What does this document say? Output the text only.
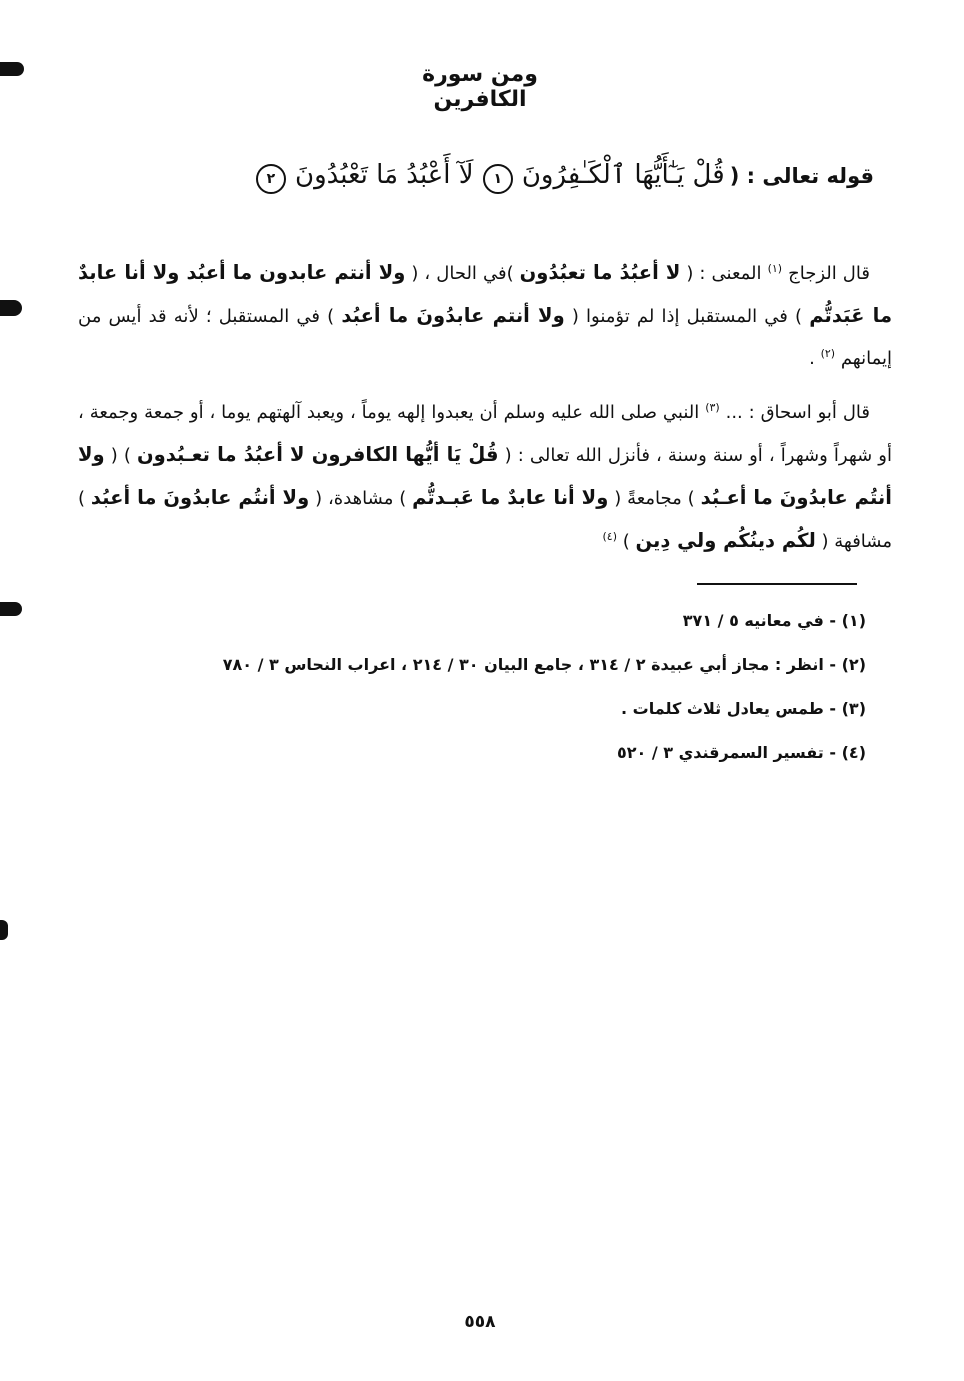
ومن سورة الكافرين
قوله تعالى : ( قُلْ يَـٰٓأَيُّهَا ٱلْكَـٰفِرُونَ ١ لَآ أَعْبُدُ مَا تَعْبُدُونَ ٢

قال الزجاج $^{(١)}$ المعنى : ( لا أعبُدُ ما تعبُدُون )في الحال ، ( ولا أنتم عابدون ما أعبُد ولا أنا عابدٌ ما عَبَدتُّم ) في المستقبل إذا لم تؤمنوا ( ولا أنتم عابدُونَ ما أعبُد ) في المستقبل ؛ لأنه قد أيس من إيمانهم $^{(٢)}$ .

قال أبو اسحاق : ... $^{(٣)}$ النبي صلى الله عليه وسلم أن يعبدوا إلهه يوماً ، ويعبد آلهتهم يوما ، أو جمعة وجمعة ، أو شهراً وشهراً ، أو سنة وسنة ، فأنزل الله تعالى : ( قُلْ يَا أيُّها الكافرون لا أعبُدُ ما تعـبُدون ) ( ولا أنتُم عابدُونَ ما أعـبُد ) مجامعةً ( ولا أنا عابدٌ ما عَبـدتُّم ) مشاهدة، ( ولا أنتُم عابدُونَ ما أعبُد ) مشافهة ( لكُم دينُكُم ولي دِين ) $^{(٤)}$

(١) - في معانيه ٥ / ٣٧١
(٢) - انظر : مجاز أبي عبيدة ٢ / ٣١٤ ، جامع البيان ٣٠ / ٢١٤ ، اعراب النحاس ٣ / ٧٨٠
(٣) - طمس يعادل ثلاث كلمات .
(٤) - تفسير السمرقندي ٣ / ٥٢٠
٥٥٨
